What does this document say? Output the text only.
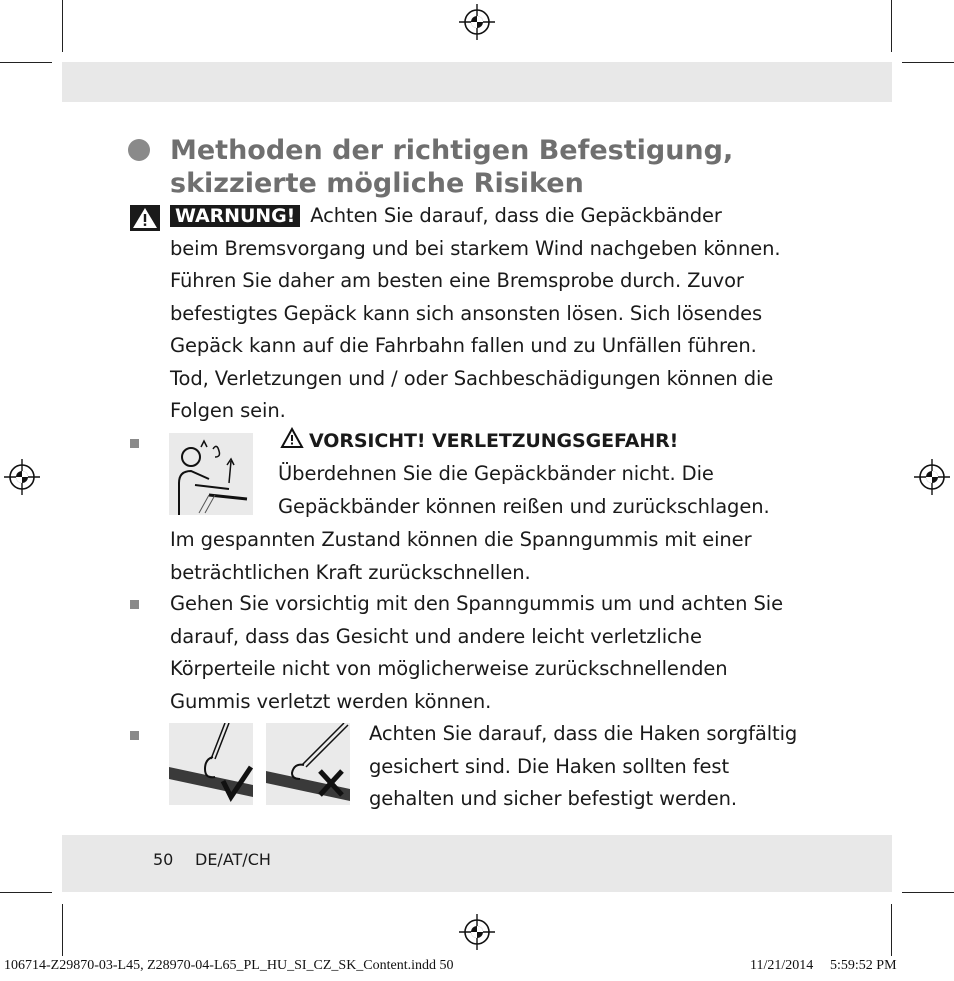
Methoden der richtigen Befestigung,
skizzierte mögliche Risiken
WARNUNG! Achten Sie darauf, dass die Gepäckbänder
beim Bremsvorgang und bei starkem Wind nachgeben können.
Führen Sie daher am besten eine Bremsprobe durch. Zuvor
befestigtes Gepäck kann sich ansonsten lösen. Sich lösendes
Gepäck kann auf die Fahrbahn fallen und zu Unfällen führen.
Tod, Verletzungen und / oder Sachbeschädigungen können die
Folgen sein.
VORSICHT! VERLETZUNGSGEFAHR!
Überdehnen Sie die Gepäckbänder nicht. Die
Gepäckbänder können reißen und zurückschlagen.
Im gespannten Zustand können die Spanngummis mit einer
beträchtlichen Kraft zurückschnellen.
Gehen Sie vorsichtig mit den Spanngummis um und achten Sie
darauf, dass das Gesicht und andere leicht verletzliche
Körperteile nicht von möglicherweise zurückschnellenden
Gummis verletzt werden können.
Achten Sie darauf, dass die Haken sorgfältig
gesichert sind. Die Haken sollten fest
gehalten und sicher befestigt werden.
50 DE/AT/CH
106714-Z29870-03-L45, Z28970-04-L65_PL_HU_SI_CZ_SK_Content.indd 50	11/21/2014 5:59:52 PM
